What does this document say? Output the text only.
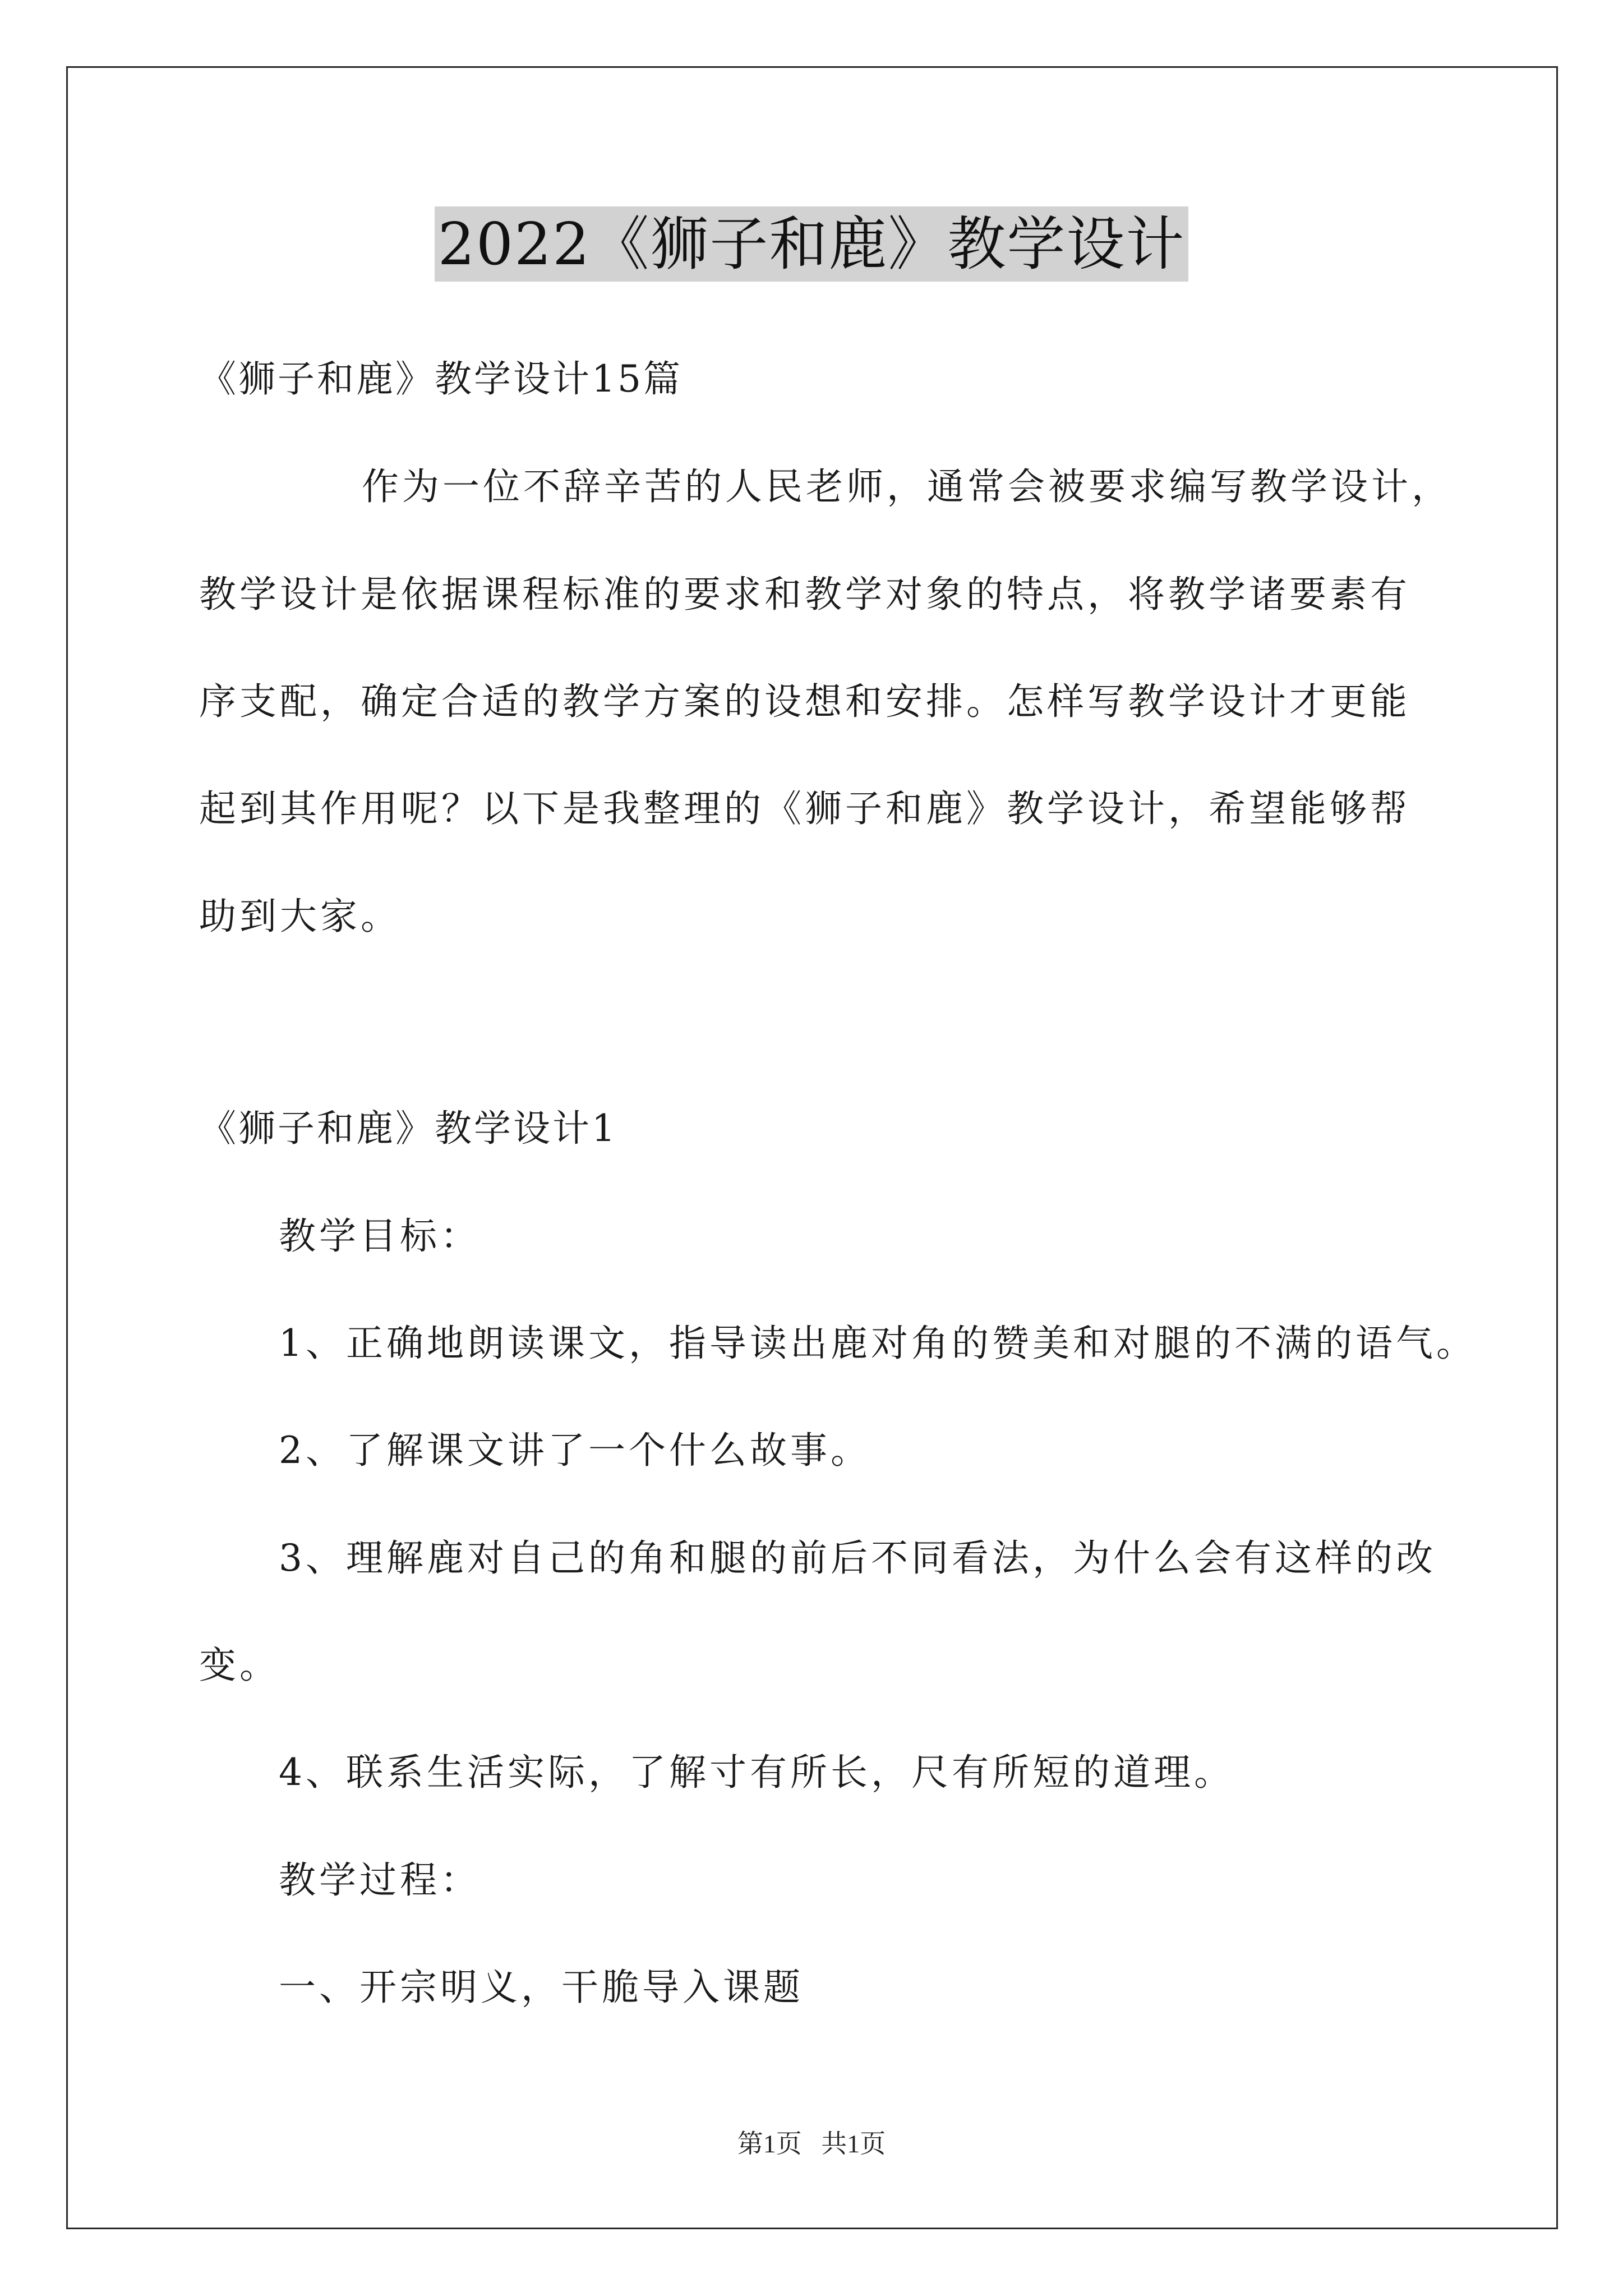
2022《狮子和鹿》教学设计
《狮子和鹿》教学设计15篇
作为一位不辞辛苦的人民老师，通常会被要求编写教学设计，
教学设计是依据课程标准的要求和教学对象的特点，将教学诸要素有
序支配，确定合适的教学方案的设想和安排。怎样写教学设计才更能
起到其作用呢？以下是我整理的《狮子和鹿》教学设计，希望能够帮
助到大家。
《狮子和鹿》教学设计1
教学目标：
1、正确地朗读课文，指导读出鹿对角的赞美和对腿的不满的语气。
2、了解课文讲了一个什么故事。
3、理解鹿对自己的角和腿的前后不同看法，为什么会有这样的改
变。
4、联系生活实际，了解寸有所长，尺有所短的道理。
教学过程：
一、开宗明义，干脆导入课题
第1页   共1页
